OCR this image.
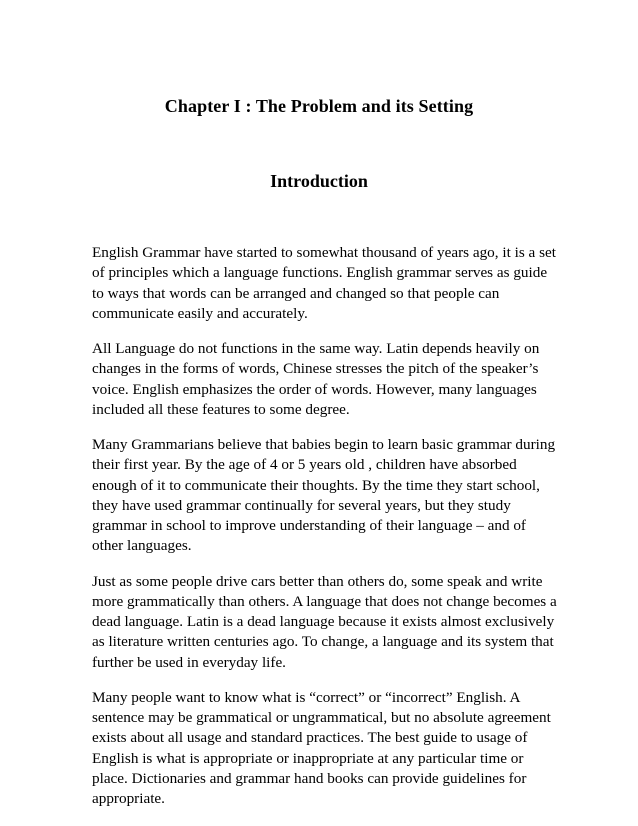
Chapter I : The Problem and its Setting
Introduction
English Grammar have started to somewhat thousand of years ago, it is a set
of principles which a language functions. English grammar serves as guide
to ways that words can be arranged and changed so that people can
communicate easily and accurately.
All Language do not functions in the same way. Latin depends heavily on
changes in the forms of words, Chinese stresses the pitch of the speaker’s
voice. English emphasizes the order of words. However, many languages
included all these features to some degree.
Many Grammarians believe that babies begin to learn basic grammar during
their first year. By the age of 4 or 5 years old , children have absorbed
enough of it to communicate their thoughts. By the time they start school,
they have used grammar continually for several years, but they study
grammar in school to improve understanding of their language – and of
other languages.
Just as some people drive cars better than others do, some speak and write
more grammatically than others. A language that does not change becomes a
dead language. Latin is a dead language because it exists almost exclusively
as literature written centuries ago. To change, a language and its system that
further be used in everyday life.
Many people want to know what is “correct” or “incorrect” English. A
sentence may be grammatical or ungrammatical, but no absolute agreement
exists about all usage and standard practices. The best guide to usage of
English is what is appropriate or inappropriate at any particular time or
place. Dictionaries and grammar hand books can provide guidelines for
appropriate.
